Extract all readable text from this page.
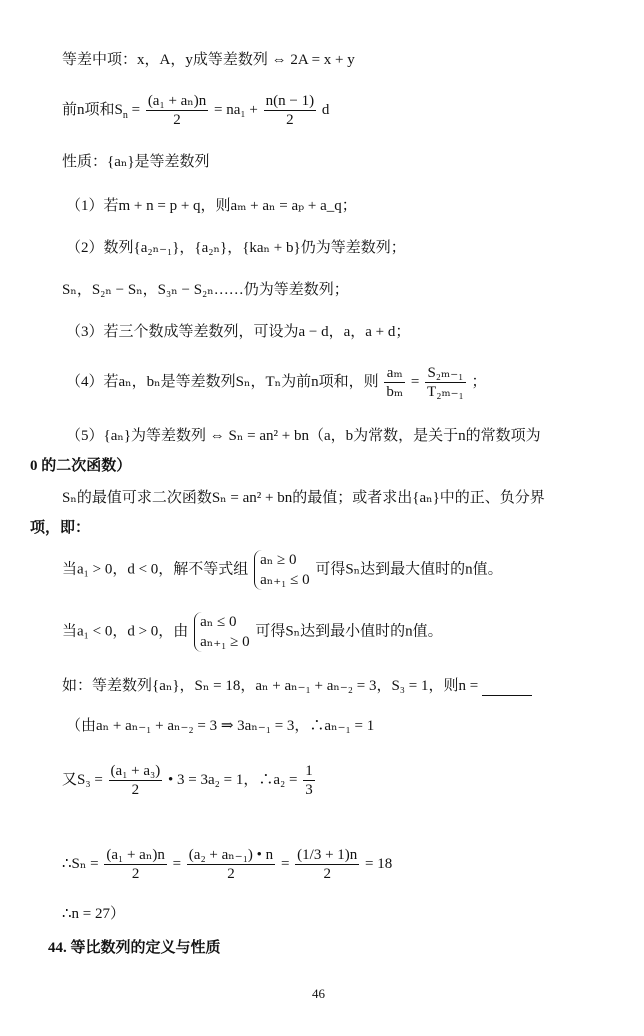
等差中项：x，A，y成等差数列 ⇔ 2A = x + y
前n项和$S_n = \frac{\text{(a₁ + aₙ)n}}{2} = na_1 + \frac{n(n - 1)}{2}$ d
性质：{aₙ}是等差数列
（1）若m + n = p + q，则aₘ + aₙ = aₚ + a_q；
（2）数列{a₂ₙ₋₁}，{a₂ₙ}，{kaₙ + b}仍为等差数列；
Sₙ，S₂ₙ − Sₙ，S₃ₙ − S₂ₙ……仍为等差数列；
（3）若三个数成等差数列，可设为a − d，a，a + d；
（4）若aₙ，bₙ是等差数列Sₙ，Tₙ为前n项和，则 $\frac{\text{aₘ}}{\text{bₘ}} = \frac{\text{S₂ₘ₋₁}}{\text{T₂ₘ₋₁}}$ ；
（5）{aₙ}为等差数列 ⇔ Sₙ = an² + bn（a，b为常数，是关于n的常数项为
0 的二次函数）
Sₙ的最值可求二次函数Sₙ = an² + bn的最值；或者求出{aₙ}中的正、负分界
项，即：
当a₁ > 0，d < 0，解不等式组
aₙ ≥ 0
aₙ₊₁ ≤ 0
可得Sₙ达到最大值时的n值。
当a₁ < 0，d > 0，由
aₙ ≤ 0
aₙ₊₁ ≥ 0
可得Sₙ达到最小值时的n值。
如：等差数列{aₙ}，Sₙ = 18，aₙ + aₙ₋₁ + aₙ₋₂ = 3，S₃ = 1，则n =
（由aₙ + aₙ₋₁ + aₙ₋₂ = 3 ⇒ 3aₙ₋₁ = 3，∴aₙ₋₁ = 1
又$S_3 = \frac{\text{(a₁ + a₃)}}{2}$ • 3 = 3a₂ = 1，∴a₂ = $\frac{1}{3}$
∴Sₙ = $\frac{\text{(a₁ + aₙ)n}}{2} = \frac{\text{(a₂ + aₙ₋₁) • n}}{2} = \frac{(1/3 + 1)n}{2} = 18$
∴n = 27）
44. 等比数列的定义与性质
46
